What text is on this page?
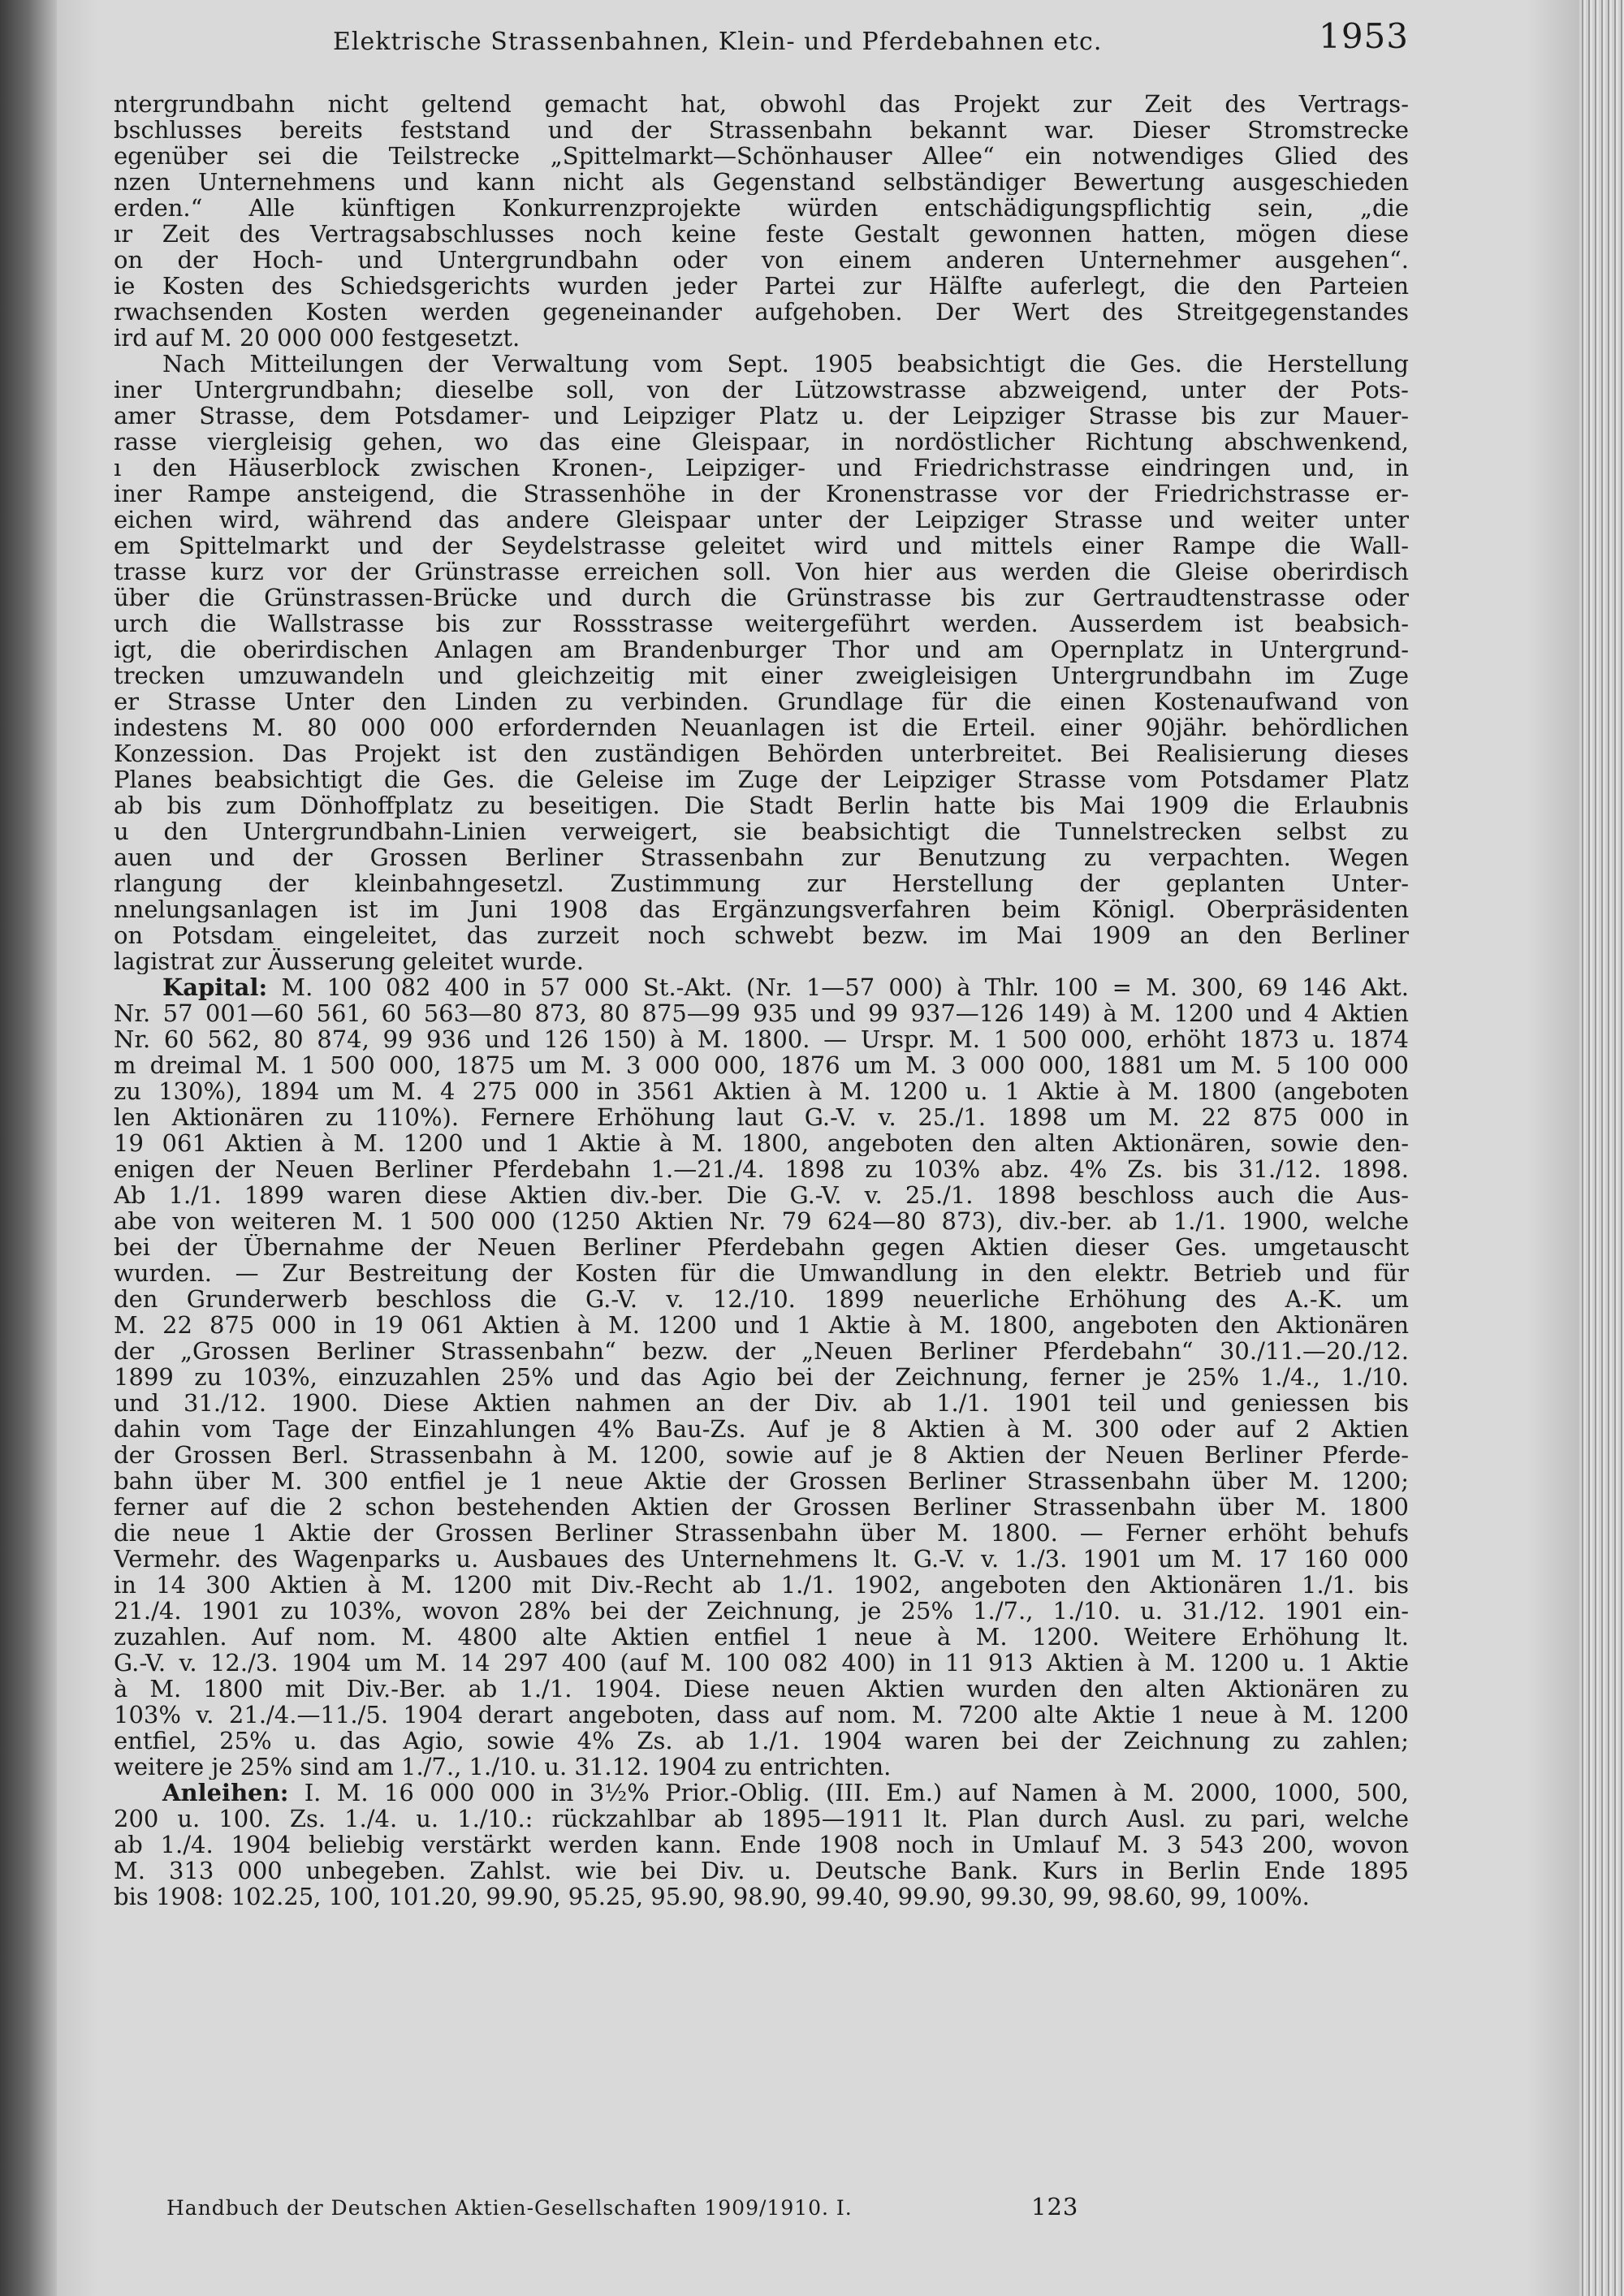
Elektrische Strassenbahnen, Klein- und Pferdebahnen etc.	1953
ntergrundbahn nicht geltend gemacht hat, obwohl das Projekt zur Zeit des Vertrags-
bschlusses bereits feststand und der Strassenbahn bekannt war. Dieser Stromstrecke
egenüber sei die Teilstrecke „Spittelmarkt—Schönhauser Allee“ ein notwendiges Glied des
nzen Unternehmens und kann nicht als Gegenstand selbständiger Bewertung ausgeschieden
erden.“ Alle künftigen Konkurrenzprojekte würden entschädigungspflichtig sein, „die
ır Zeit des Vertragsabschlusses noch keine feste Gestalt gewonnen hatten, mögen diese
on der Hoch- und Untergrundbahn oder von einem anderen Unternehmer ausgehen“.
ie Kosten des Schiedsgerichts wurden jeder Partei zur Hälfte auferlegt, die den Parteien
rwachsenden Kosten werden gegeneinander aufgehoben. Der Wert des Streitgegenstandes
ird auf M. 20 000 000 festgesetzt.
Nach Mitteilungen der Verwaltung vom Sept. 1905 beabsichtigt die Ges. die Herstellung
iner Untergrundbahn; dieselbe soll, von der Lützowstrasse abzweigend, unter der Pots-
amer Strasse, dem Potsdamer- und Leipziger Platz u. der Leipziger Strasse bis zur Mauer-
rasse viergleisig gehen, wo das eine Gleispaar, in nordöstlicher Richtung abschwenkend,
ı den Häuserblock zwischen Kronen-, Leipziger- und Friedrichstrasse eindringen und, in
iner Rampe ansteigend, die Strassenhöhe in der Kronenstrasse vor der Friedrichstrasse er-
eichen wird, während das andere Gleispaar unter der Leipziger Strasse und weiter unter
em Spittelmarkt und der Seydelstrasse geleitet wird und mittels einer Rampe die Wall-
trasse kurz vor der Grünstrasse erreichen soll. Von hier aus werden die Gleise oberirdisch
über die Grünstrassen-Brücke und durch die Grünstrasse bis zur Gertraudtenstrasse oder
urch die Wallstrasse bis zur Rossstrasse weitergeführt werden. Ausserdem ist beabsich-
igt, die oberirdischen Anlagen am Brandenburger Thor und am Opernplatz in Untergrund-
trecken umzuwandeln und gleichzeitig mit einer zweigleisigen Untergrundbahn im Zuge
er Strasse Unter den Linden zu verbinden. Grundlage für die einen Kostenaufwand von
indestens M. 80 000 000 erfordernden Neuanlagen ist die Erteil. einer 90jähr. behördlichen
Konzession. Das Projekt ist den zuständigen Behörden unterbreitet. Bei Realisierung dieses
Planes beabsichtigt die Ges. die Geleise im Zuge der Leipziger Strasse vom Potsdamer Platz
ab bis zum Dönhoffplatz zu beseitigen. Die Stadt Berlin hatte bis Mai 1909 die Erlaubnis
u den Untergrundbahn-Linien verweigert, sie beabsichtigt die Tunnelstrecken selbst zu
auen und der Grossen Berliner Strassenbahn zur Benutzung zu verpachten. Wegen
rlangung der kleinbahngesetzl. Zustimmung zur Herstellung der geplanten Unter-
nnelungsanlagen ist im Juni 1908 das Ergänzungsverfahren beim Königl. Oberpräsidenten
on Potsdam eingeleitet, das zurzeit noch schwebt bezw. im Mai 1909 an den Berliner
lagistrat zur Äusserung geleitet wurde.
Kapital: M. 100 082 400 in 57 000 St.-Akt. (Nr. 1—57 000) à Thlr. 100 = M. 300, 69 146 Akt.
Nr. 57 001—60 561, 60 563—80 873, 80 875—99 935 und 99 937—126 149) à M. 1200 und 4 Aktien
Nr. 60 562, 80 874, 99 936 und 126 150) à M. 1800. — Urspr. M. 1 500 000, erhöht 1873 u. 1874
m dreimal M. 1 500 000, 1875 um M. 3 000 000, 1876 um M. 3 000 000, 1881 um M. 5 100 000
zu 130%), 1894 um M. 4 275 000 in 3561 Aktien à M. 1200 u. 1 Aktie à M. 1800 (angeboten
len Aktionären zu 110%). Fernere Erhöhung laut G.-V. v. 25./1. 1898 um M. 22 875 000 in
19 061 Aktien à M. 1200 und 1 Aktie à M. 1800, angeboten den alten Aktionären, sowie den-
enigen der Neuen Berliner Pferdebahn 1.—21./4. 1898 zu 103% abz. 4% Zs. bis 31./12. 1898.
Ab 1./1. 1899 waren diese Aktien div.-ber. Die G.-V. v. 25./1. 1898 beschloss auch die Aus-
abe von weiteren M. 1 500 000 (1250 Aktien Nr. 79 624—80 873), div.-ber. ab 1./1. 1900, welche
bei der Übernahme der Neuen Berliner Pferdebahn gegen Aktien dieser Ges. umgetauscht
wurden. — Zur Bestreitung der Kosten für die Umwandlung in den elektr. Betrieb und für
den Grunderwerb beschloss die G.-V. v. 12./10. 1899 neuerliche Erhöhung des A.-K. um
M. 22 875 000 in 19 061 Aktien à M. 1200 und 1 Aktie à M. 1800, angeboten den Aktionären
der „Grossen Berliner Strassenbahn“ bezw. der „Neuen Berliner Pferdebahn“ 30./11.—20./12.
1899 zu 103%, einzuzahlen 25% und das Agio bei der Zeichnung, ferner je 25% 1./4., 1./10.
und 31./12. 1900. Diese Aktien nahmen an der Div. ab 1./1. 1901 teil und geniessen bis
dahin vom Tage der Einzahlungen 4% Bau-Zs. Auf je 8 Aktien à M. 300 oder auf 2 Aktien
der Grossen Berl. Strassenbahn à M. 1200, sowie auf je 8 Aktien der Neuen Berliner Pferde-
bahn über M. 300 entfiel je 1 neue Aktie der Grossen Berliner Strassenbahn über M. 1200;
ferner auf die 2 schon bestehenden Aktien der Grossen Berliner Strassenbahn über M. 1800
die neue 1 Aktie der Grossen Berliner Strassenbahn über M. 1800. — Ferner erhöht behufs
Vermehr. des Wagenparks u. Ausbaues des Unternehmens lt. G.-V. v. 1./3. 1901 um M. 17 160 000
in 14 300 Aktien à M. 1200 mit Div.-Recht ab 1./1. 1902, angeboten den Aktionären 1./1. bis
21./4. 1901 zu 103%, wovon 28% bei der Zeichnung, je 25% 1./7., 1./10. u. 31./12. 1901 ein-
zuzahlen. Auf nom. M. 4800 alte Aktien entfiel 1 neue à M. 1200. Weitere Erhöhung lt.
G.-V. v. 12./3. 1904 um M. 14 297 400 (auf M. 100 082 400) in 11 913 Aktien à M. 1200 u. 1 Aktie
à M. 1800 mit Div.-Ber. ab 1./1. 1904. Diese neuen Aktien wurden den alten Aktionären zu
103% v. 21./4.—11./5. 1904 derart angeboten, dass auf nom. M. 7200 alte Aktie 1 neue à M. 1200
entfiel, 25% u. das Agio, sowie 4% Zs. ab 1./1. 1904 waren bei der Zeichnung zu zahlen;
weitere je 25% sind am 1./7., 1./10. u. 31.12. 1904 zu entrichten.
Anleihen: I. M. 16 000 000 in 3½% Prior.-Oblig. (III. Em.) auf Namen à M. 2000, 1000, 500,
200 u. 100. Zs. 1./4. u. 1./10.: rückzahlbar ab 1895—1911 lt. Plan durch Ausl. zu pari, welche
ab 1./4. 1904 beliebig verstärkt werden kann. Ende 1908 noch in Umlauf M. 3 543 200, wovon
M. 313 000 unbegeben. Zahlst. wie bei Div. u. Deutsche Bank. Kurs in Berlin Ende 1895
bis 1908: 102.25, 100, 101.20, 99.90, 95.25, 95.90, 98.90, 99.40, 99.90, 99.30, 99, 98.60, 99, 100%.
Handbuch der Deutschen Aktien-Gesellschaften 1909/1910. I.	123
